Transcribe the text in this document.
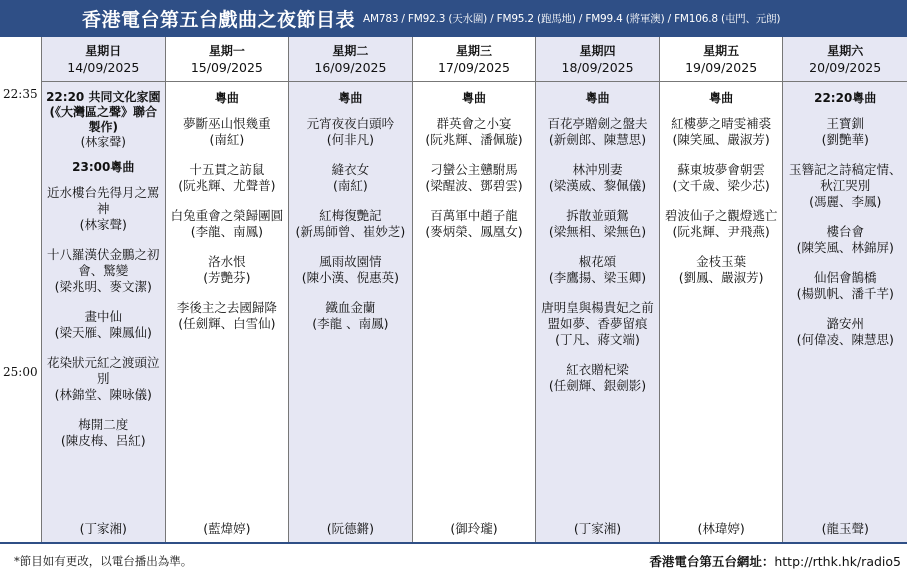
香港電台第五台戲曲之夜節目表 AM783 / FM92.3 (天水圍) / FM95.2 (跑馬地) / FM99.4 (將軍澳) / FM106.8 (屯門、元朗)
22:35
25:00
星期日
14/09/2025
22:20 共同文化家園
(《大灣區之聲》聯合製作)
(林家聲)
23:00粵曲
近水樓台先得月之罵神
(林家聲)
十八羅漢伏金鵬之初會、驚變
(梁兆明、麥文潔)
畫中仙
(梁天雁、陳鳳仙)
花染狀元紅之渡頭泣別
(林錦堂、陳咏儀)
梅開二度
(陳皮梅、呂紅)
(丁家湘)
星期一
15/09/2025
粵曲
夢斷巫山恨幾重
(南紅)
十五貫之訪鼠
(阮兆輝、尤聲普)
白兔重會之榮歸團圓
(李龍、南鳳)
洛水恨
(芳艷芬)
李後主之去國歸降
(任劍輝、白雪仙)
(藍煒婷)
星期二
16/09/2025
粵曲
元宵夜夜白頭吟
(何非凡)
縫衣女
(南紅)
紅梅復艷記
(新馬師曾、崔妙芝)
風雨故園情
(陳小漢、倪惠英)
鐵血金蘭
(李龍 、南鳳)
(阮德鏘)
星期三
17/09/2025
粵曲
群英會之小宴
(阮兆輝、潘佩璇)
刁蠻公主戇駙馬
(梁醒波、鄧碧雲)
百萬軍中趙子龍
(麥炳榮、鳳凰女)
(御玲瓏)
星期四
18/09/2025
粵曲
百花亭贈劍之盤夫
(新劍郎、陳慧思)
林沖別妻
(梁漢威、黎佩儀)
拆散並頭鴛
(梁無相、梁無色)
椒花頌
(李鷹揚、梁玉卿)
唐明皇與楊貴妃之前盟如夢、香夢留痕
(丁凡、蔣文端)
紅衣贈杞梁
(任劍輝、銀劍影)
(丁家湘)
星期五
19/09/2025
粵曲
紅樓夢之晴雯補裘
(陳笑風、嚴淑芳)
蘇東坡夢會朝雲
(文千歲、梁少芯)
碧波仙子之觀燈逃亡
(阮兆輝、尹飛燕)
金枝玉葉
(劉鳳、嚴淑芳)
(林瑋婷)
星期六
20/09/2025
22:20粵曲
王寶釧
(劉艷華)
玉簪記之詩稿定情、秋江哭別
(馮麗、李鳳)
樓台會
(陳笑風、林錦屏)
仙侶會鵲橋
(楊凱帆、潘千芊)
潞安州
(何偉凌、陳慧思)
(龍玉聲)
*節目如有更改，以電台播出為準。	香港電台第五台網址：http://rthk.hk/radio5
